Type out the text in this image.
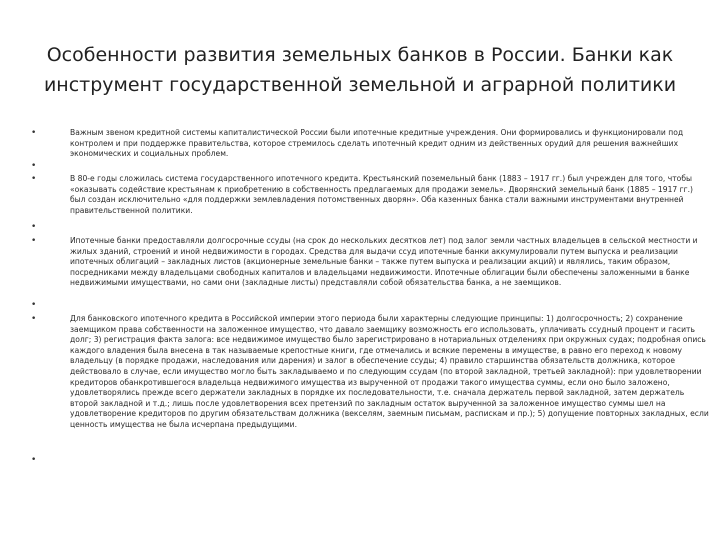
Особенности развития земельных банков в России. Банки как инструмент государственной земельной и аграрной политики
•
•
•
•
•
•
•
•

Важным звеном кредитной системы капиталистической России были ипотечные кредитные учреждения. Они формировались и функционировали под контролем и при поддержке правительства, которое стремилось сделать ипотечный кредит одним из действенных орудий для решения важнейших экономических и социальных проблем.

В 80-е годы сложилась система государственного ипотечного кредита. Крестьянский поземельный банк (1883 – 1917 гг.) был учрежден для того, чтобы «оказывать содействие крестьянам к приобретению в собственность предлагаемых для продажи земель». Дворянский земельный банк (1885 – 1917 гг.) был создан исключительно «для поддержки землевладения потомственных дворян». Оба казенных банка стали важными инструментами внутренней правительственной политики.

Ипотечные банки предоставляли долгосрочные ссуды (на срок до нескольких десятков лет) под залог земли частных владельцев в сельской местности и жилых зданий, строений и иной недвижимости в городах. Средства для выдачи ссуд ипотечные банки аккумулировали путем выпуска и реализации ипотечных облигаций – закладных листов (акционерные земельные банки – также путем выпуска и реализации акций) и являлись, таким образом, посредниками между владельцами свободных капиталов и владельцами недвижимости. Ипотечные облигации были обеспечены заложенными в банке недвижимыми имуществами, но сами они (закладные листы) представляли собой обязательства банка, а не заемщиков.

Для банковского ипотечного кредита в Российской империи этого периода были характерны следующие принципы: 1) долгосрочность; 2) сохранение заемщиком права собственности на заложенное имущество, что давало заемщику возможность его использовать, уплачивать ссудный процент и гасить долг; 3) регистрация факта залога: все недвижимое имущество было зарегистрировано в нотариальных отделениях при окружных судах; подробная опись каждого владения была внесена в так называемые крепостные книги, где отмечались и всякие перемены в имуществе, в равно его переход к новому владельцу (в порядке продажи, наследования или дарения) и залог в обеспечение ссуды; 4) правило старшинства обязательств должника, которое действовало в случае, если имущество могло быть закладываемо и по следующим ссудам (по второй закладной, третьей закладной): при удовлетворении кредиторов обанкротившегося владельца недвижимого имущества из вырученной от продажи такого имущества суммы, если оно было заложено, удовлетворялись прежде всего держатели закладных в порядке их последовательности, т.е. сначала держатель первой закладной, затем держатель второй закладной и т.д.; лишь после удовлетворения всех претензий по закладным остаток вырученной за заложенное имущество суммы шел на удовлетворение кредиторов по другим обязательствам должника (векселям, заемным письмам, распискам и пр.); 5) допущение повторных закладных, если ценность имущества не была исчерпана предыдущими.
